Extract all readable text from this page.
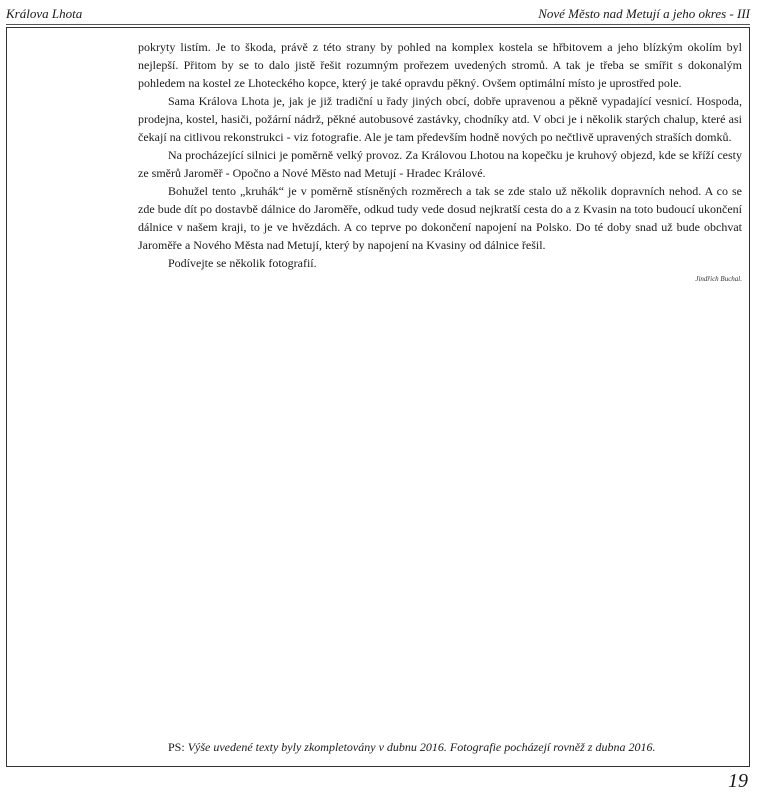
Králova Lhota	Nové Město nad Metují a jeho okres - III

pokryty listím. Je to škoda, právě z této strany by pohled na komplex kostela se hřbitovem a jeho blízkým okolím byl nejlepší. Přitom by se to dalo jistě řešit rozumným prořezem uvedených stromů. A tak je třeba se smířit s dokonalým pohledem na kostel ze Lhoteckého kopce, který je také opravdu pěkný. Ovšem optimální místo je uprostřed pole.

Sama Králova Lhota je, jak je již tradiční u řady jiných obcí, dobře upravenou a pěkně vypadající vesnicí. Hospoda, prodejna, kostel, hasiči, požární nádrž, pěkné autobusové zastávky, chodníky atd. V obci je i několik starých chalup, které asi čekají na citlivou rekonstrukci - viz fotografie. Ale je tam především hodně nových po nečtlivě upravených straších domků.

Na procházející silnici je poměrně velký provoz. Za Královou Lhotou na kopečku je kruhový objezd, kde se kříží cesty ze směrů Jaroměř - Opočno a Nové Město nad Metují - Hradec Králové.

Bohužel tento „kruhák“ je v poměrně stísněných rozměrech a tak se zde stalo už několik dopravních nehod. A co se zde bude dít po dostavbě dálnice do Jaroměře, odkud tudy vede dosud nejkratší cesta do a z Kvasin na toto budoucí ukončení dálnice v našem kraji, to je ve hvězdách. A co teprve po dokončení napojení na Polsko. Do té doby snad už bude obchvat Jaroměře a Nového Města nad Metují, který by napojení na Kvasiny od dálnice řešil.

Podívejte se několik fotografií.

Jindřich Buchal.
PS: Výše uvedené texty byly zkompletovány v dubnu 2016. Fotografie pocházejí rovněž z dubna 2016.
19
